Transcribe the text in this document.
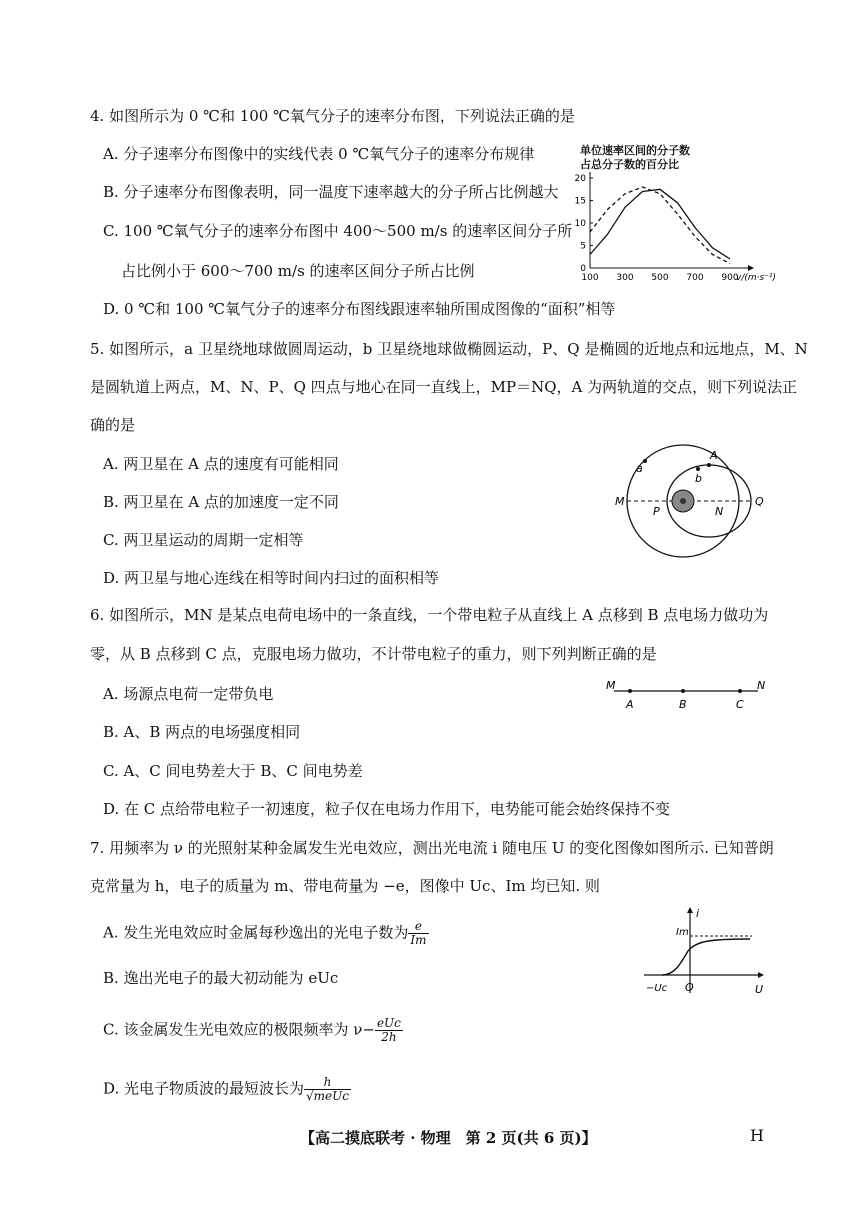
4. 如图所示为 0 ℃和 100 ℃氧气分子的速率分布图，下列说法正确的是
A. 分子速率分布图像中的实线代表 0 ℃氧气分子的速率分布规律
B. 分子速率分布图像表明，同一温度下速率越大的分子所占比例越大
C. 100 ℃氧气分子的速率分布图中 400～500 m/s 的速率区间分子所
占比例小于 600～700 m/s 的速率区间分子所占比例
D. 0 ℃和 100 ℃氧气分子的速率分布图线跟速率轴所围成图像的“面积”相等
单位速率区间的分子数
占总分子数的百分比
0
5
10
15
20
100 300 500 700 900
v/(m·s⁻¹)
5. 如图所示，a 卫星绕地球做圆周运动，b 卫星绕地球做椭圆运动，P、Q 是椭圆的近地点和远地点，M、N
是圆轨道上两点，M、N、P、Q 四点与地心在同一直线上，MP＝NQ，A 为两轨道的交点，则下列说法正
确的是
A. 两卫星在 A 点的速度有可能相同
B. 两卫星在 A 点的加速度一定不同
C. 两卫星运动的周期一定相等
D. 两卫星与地心连线在相等时间内扫过的面积相等
a
A
b
M
P	N
Q
6. 如图所示，MN 是某点电荷电场中的一条直线，一个带电粒子从直线上 A 点移到 B 点电场力做功为
零，从 B 点移到 C 点，克服电场力做功，不计带电粒子的重力，则下列判断正确的是
A. 场源点电荷一定带负电
B. A、B 两点的电场强度相同
C. A、C 间电势差大于 B、C 间电势差
D. 在 C 点给带电粒子一初速度，粒子仅在电场力作用下，电势能可能会始终保持不变
M	N
A	B	C
7. 用频率为 ν 的光照射某种金属发生光电效应，测出光电流 i 随电压 U 的变化图像如图所示. 已知普朗
克常量为 h，电子的质量为 m、带电荷量为 −e，图像中 Uc、Im 均已知. 则
A. 发生光电效应时金属每秒逸出的光电子数为 $\frac{e}{Im}$
B. 逸出光电子的最大初动能为 eUc
C. 该金属发生光电效应的极限频率为 $\nu- \frac{\text{eUc}}{2h}$
D. 光电子物质波的最短波长为 $\frac{h}{\text{√meUc}}$
i
Im
−Uc O	U
【高二摸底联考 · 物理　第 2 页(共 6 页)】	H
